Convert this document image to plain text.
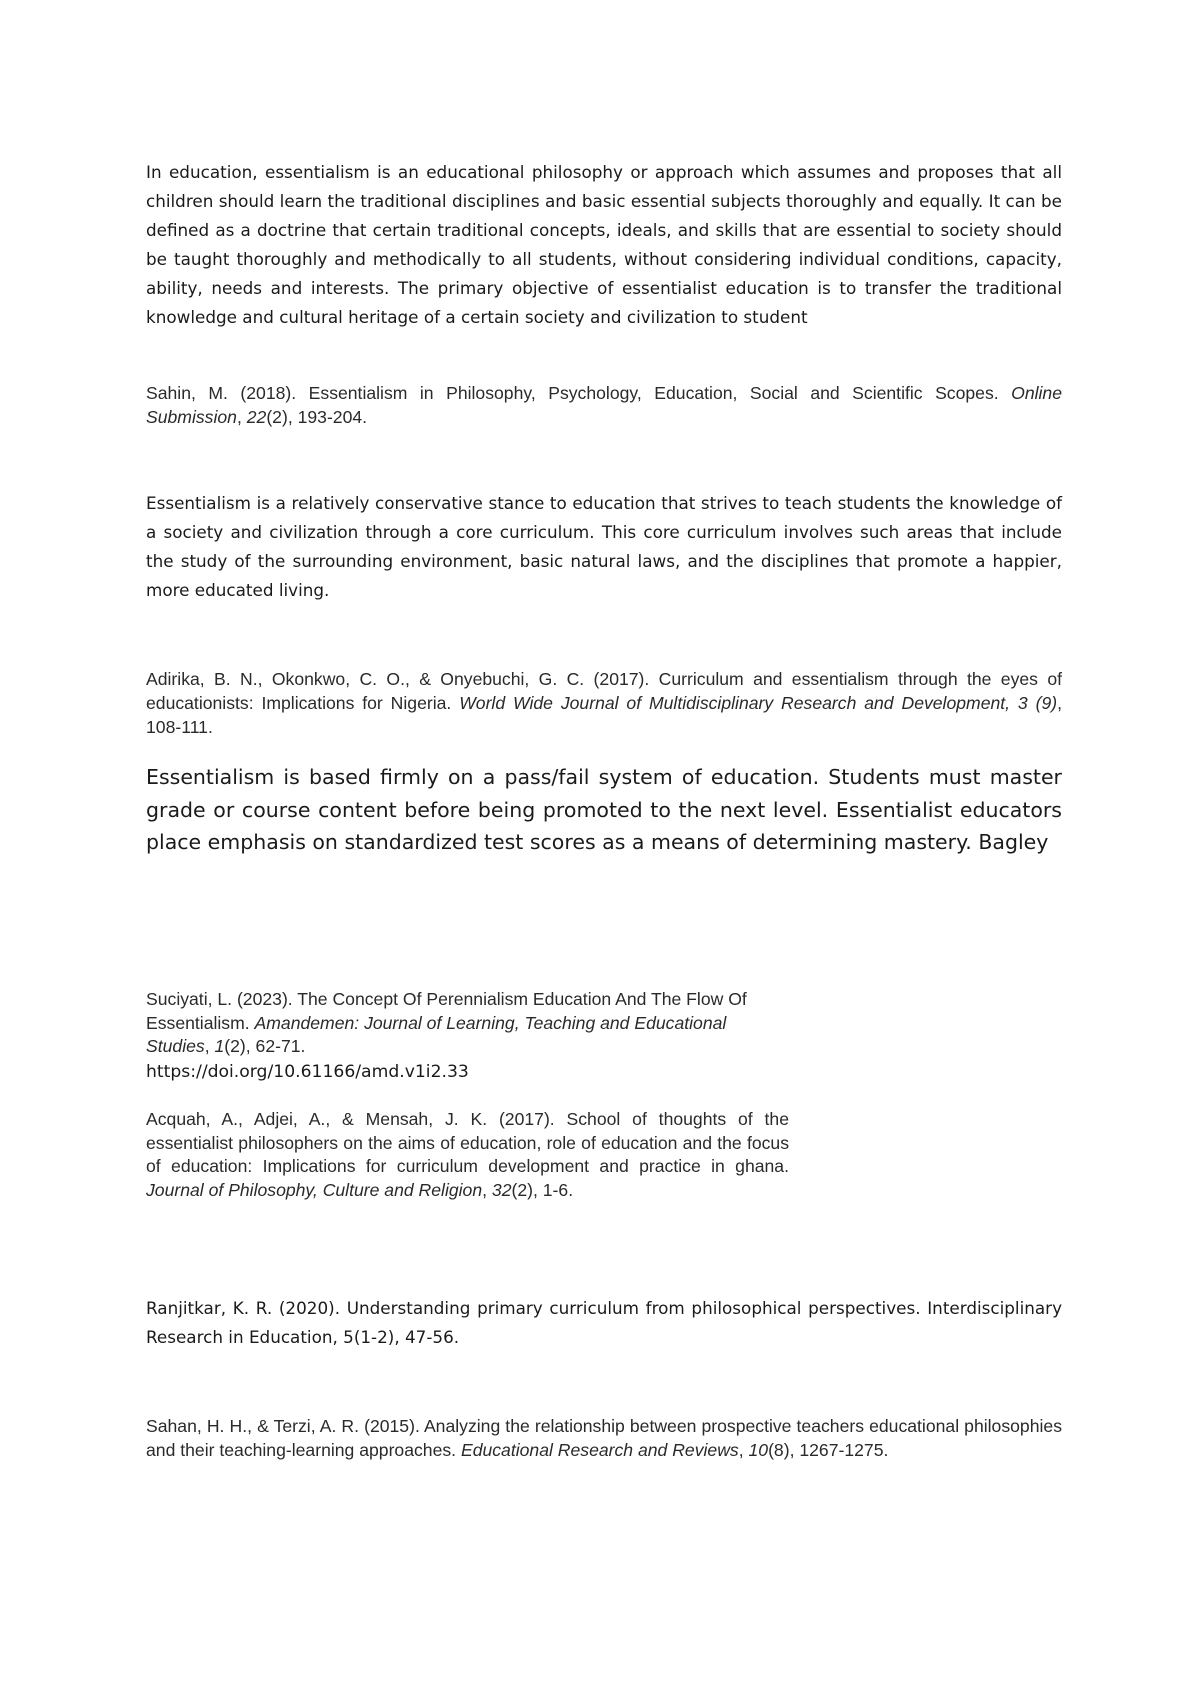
In education, essentialism is an educational philosophy or approach which assumes and proposes that all children should learn the traditional disciplines and basic essential subjects thoroughly and equally. It can be defined as a doctrine that certain traditional concepts, ideals, and skills that are essential to society should be taught thoroughly and methodically to all students, without considering individual conditions, capacity, ability, needs and interests. The primary objective of essentialist education is to transfer the traditional knowledge and cultural heritage of a certain society and civilization to student

Sahin, M. (2018). Essentialism in Philosophy, Psychology, Education, Social and Scientific Scopes. Online Submission, 22(2), 193-204.

Essentialism is a relatively conservative stance to education that strives to teach students the knowledge of a society and civilization through a core curriculum. This core curriculum involves such areas that include the study of the surrounding environment, basic natural laws, and the disciplines that promote a happier, more educated living.

Adirika, B. N., Okonkwo, C. O., & Onyebuchi, G. C. (2017). Curriculum and essentialism through the eyes of educationists: Implications for Nigeria. World Wide Journal of Multidisciplinary Research and Development, 3 (9), 108-111.

Essentialism is based firmly on a pass/fail system of education. Students must master grade or course content before being promoted to the next level. Essentialist educators place emphasis on standardized test scores as a means of determining mastery. Bagley

Suciyati, L. (2023). The Concept Of Perennialism Education And The Flow Of Essentialism. Amandemen: Journal of Learning, Teaching and Educational Studies, 1(2), 62-71.

https://doi.org/10.61166/amd.v1i2.33

Acquah, A., Adjei, A., & Mensah, J. K. (2017). School of thoughts of the essentialist philosophers on the aims of education, role of education and the focus of education: Implications for curriculum development and practice in ghana. Journal of Philosophy, Culture and Religion, 32(2), 1-6.

Ranjitkar, K. R. (2020). Understanding primary curriculum from philosophical perspectives. Interdisciplinary Research in Education, 5(1-2), 47-56.

Sahan, H. H., & Terzi, A. R. (2015). Analyzing the relationship between prospective teachers educational philosophies and their teaching-learning approaches. Educational Research and Reviews, 10(8), 1267-1275.
